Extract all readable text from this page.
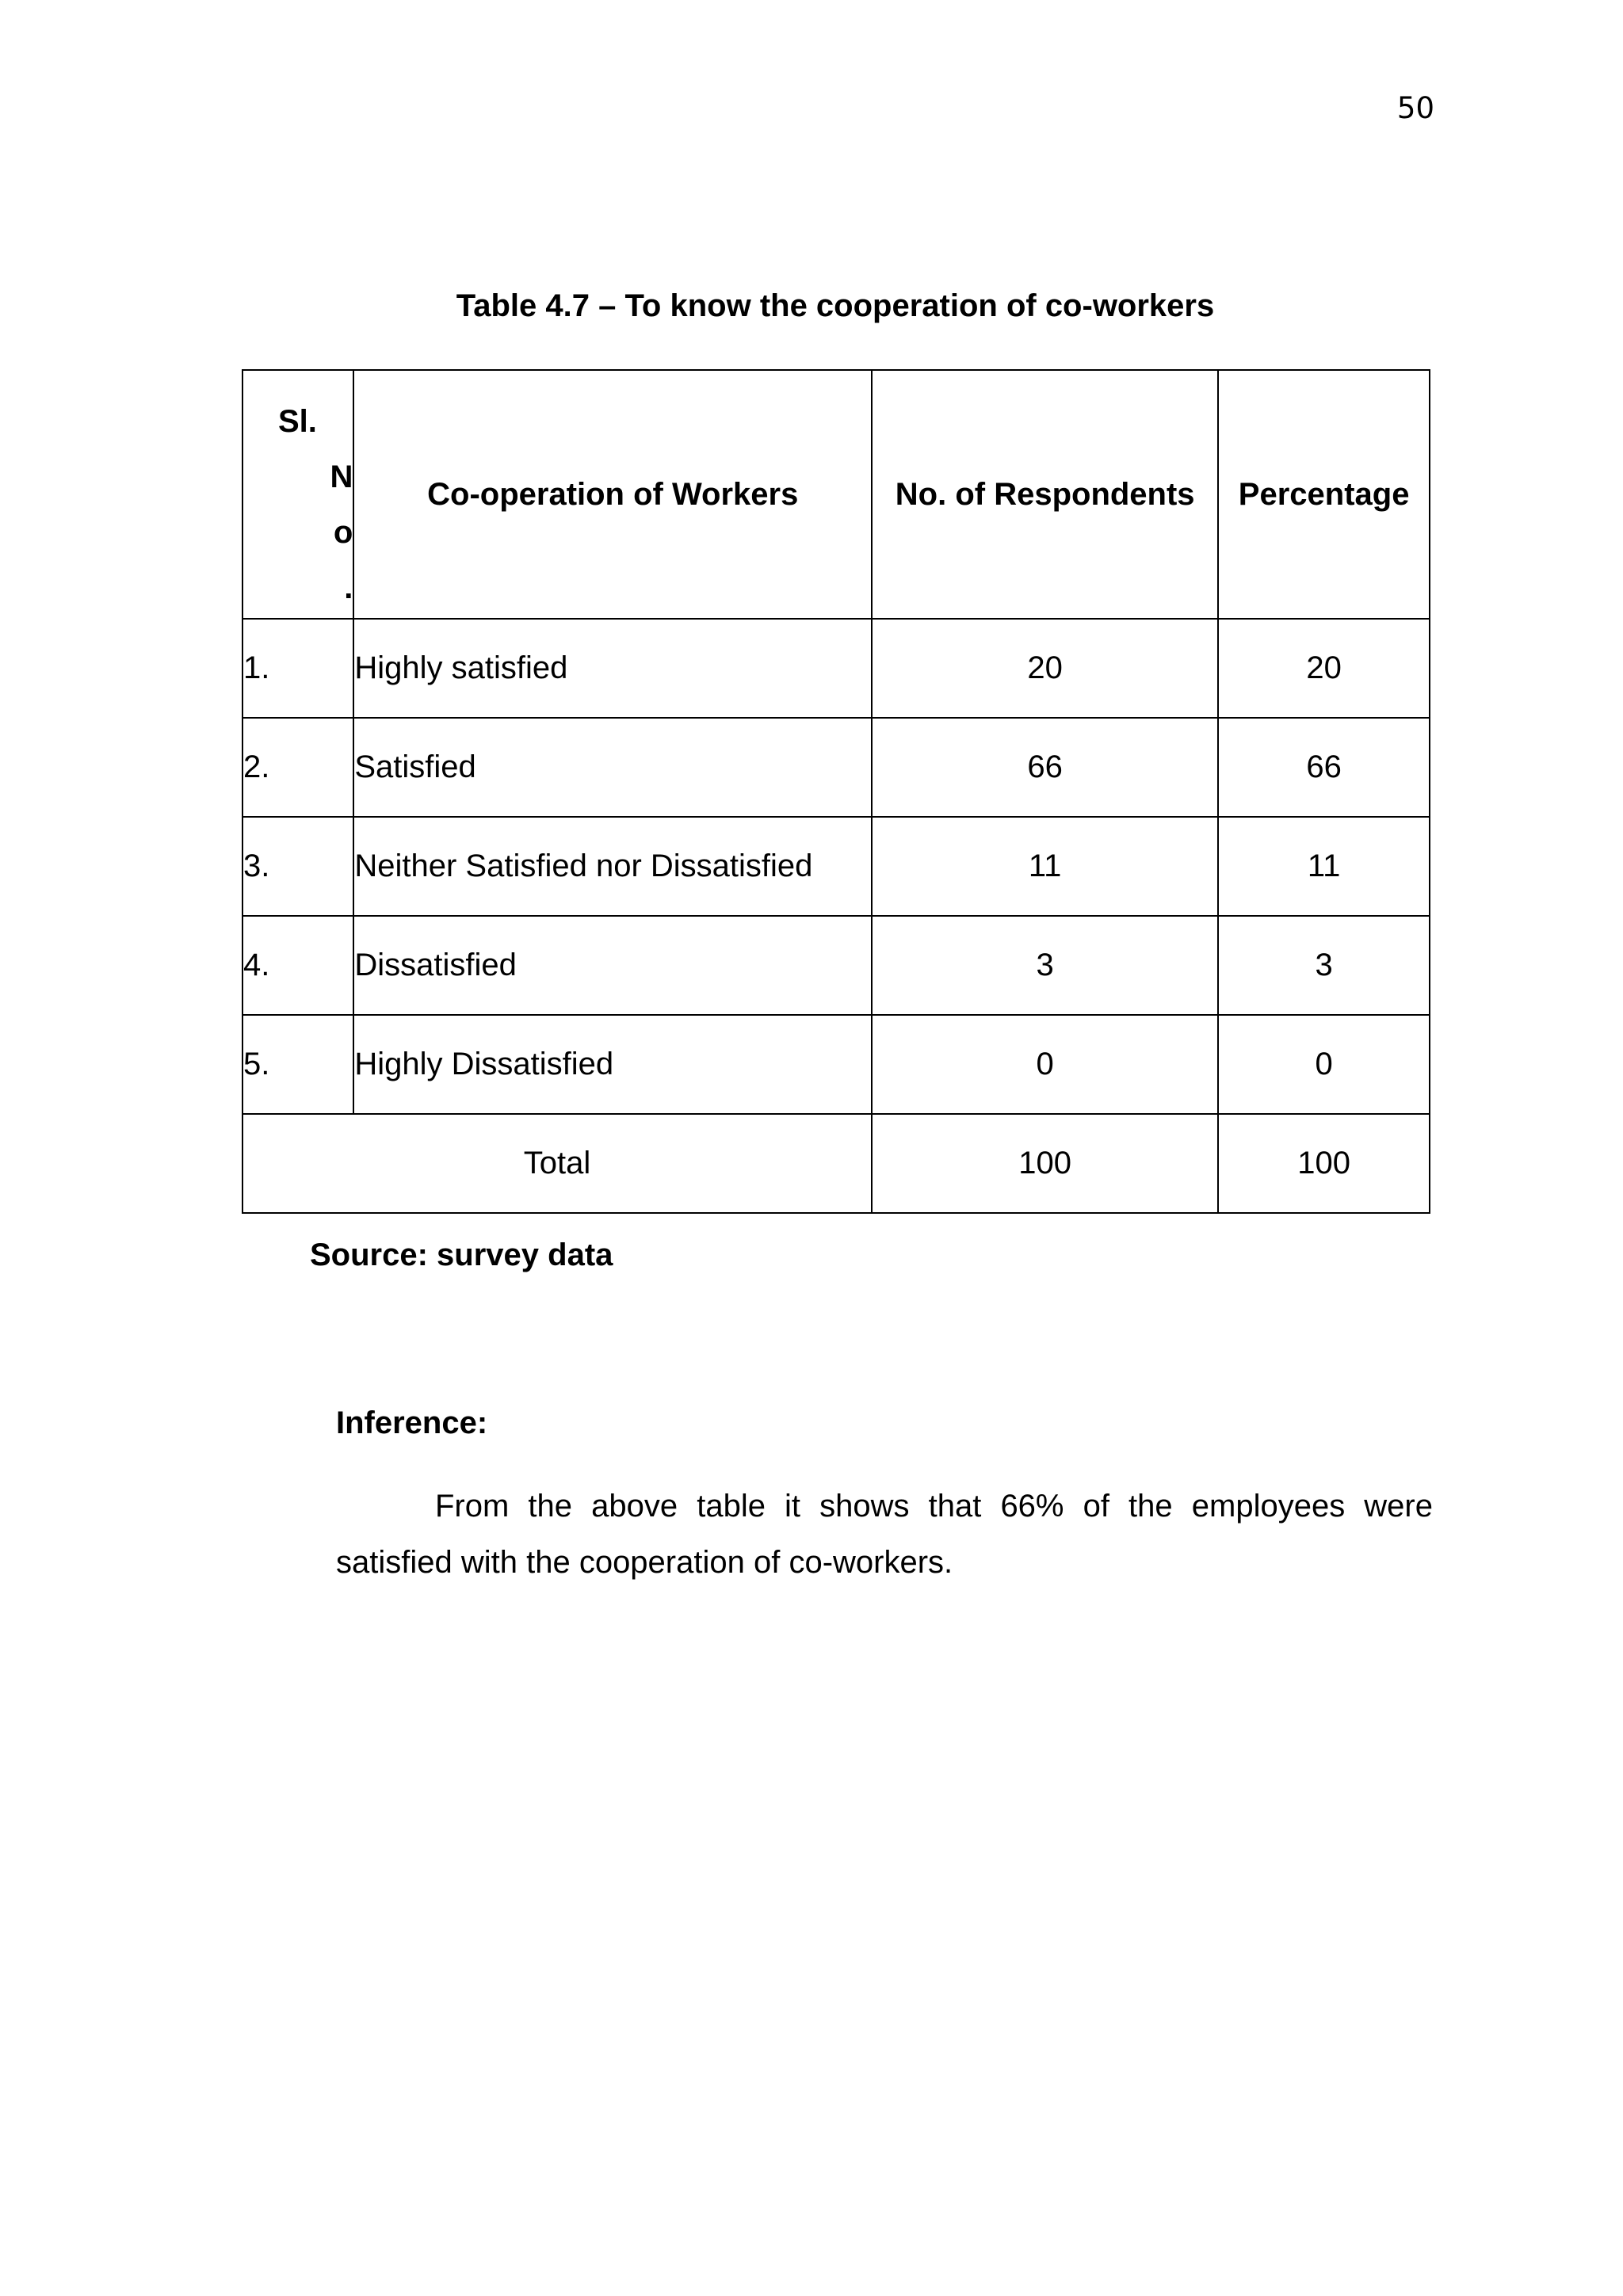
50
Table 4.7 – To know the cooperation of co-workers
Sl.
N
o
.	Co-operation of Workers	No. of Respondents	Percentage
1.	Highly satisfied	20	20
2.	Satisfied	66	66
3.	Neither Satisfied nor Dissatisfied	11	11
4.	Dissatisfied	3	3
5.	Highly Dissatisfied	0	0
Total		100	100
Source: survey data
Inference:

From the above table it shows that 66% of the employees were satisfied with the cooperation of co-workers.
